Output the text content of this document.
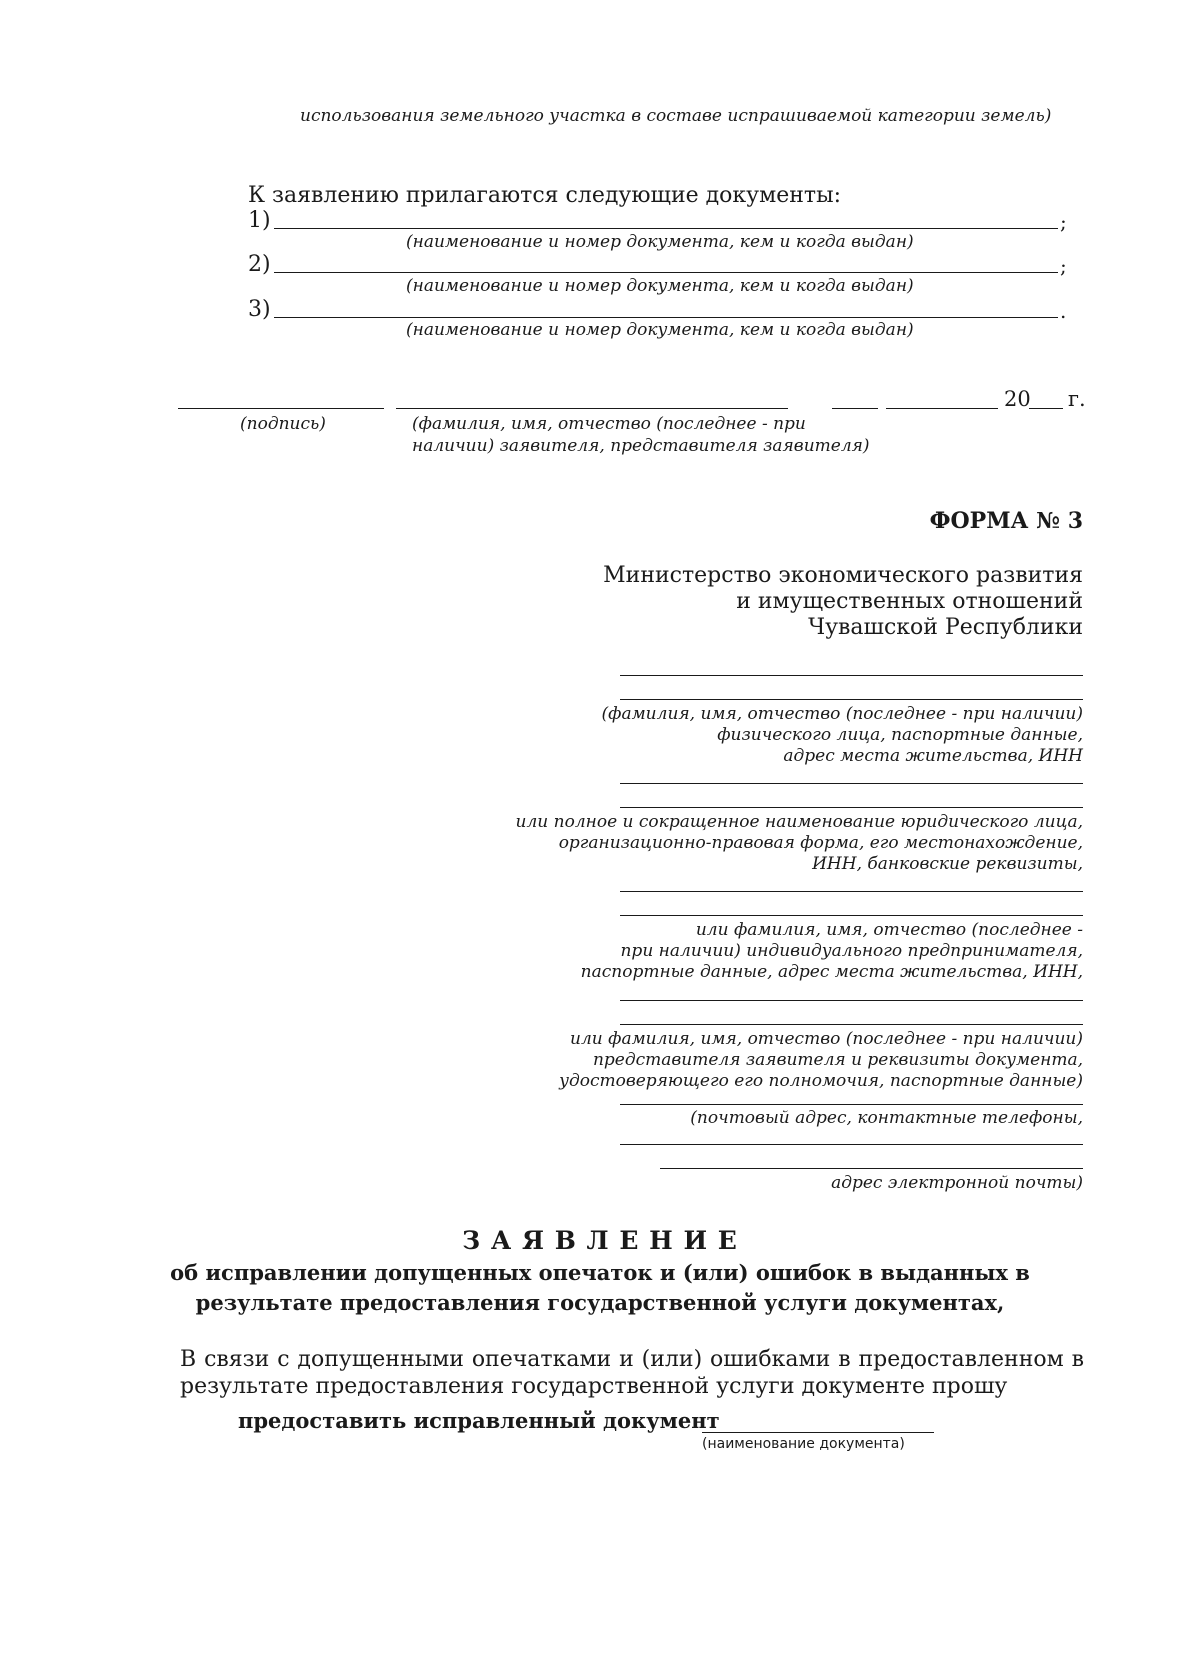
использования земельного участка в составе испрашиваемой категории земель)
К заявлению прилагаются следующие документы:
1)	;
(наименование и номер документа, кем и когда выдан)
2)	;
(наименование и номер документа, кем и когда выдан)
3)	.
(наименование и номер документа, кем и когда выдан)
20 г.
(подпись)	(фамилия, имя, отчество (последнее - при
наличии) заявителя, представителя заявителя)
ФОРМА № 3
Министерство экономического развития
и имущественных отношений
Чувашской Республики
(фамилия, имя, отчество (последнее - при наличии)
физического лица, паспортные данные,
адрес места жительства, ИНН
или полное и сокращенное наименование юридического лица,
организационно-правовая форма, его местонахождение,
ИНН, банковские реквизиты,
или фамилия, имя, отчество (последнее -
при наличии) индивидуального предпринимателя,
паспортные данные, адрес места жительства, ИНН,
или фамилия, имя, отчество (последнее - при наличии)
представителя заявителя и реквизиты документа,
удостоверяющего его полномочия, паспортные данные)
(почтовый адрес, контактные телефоны,
адрес электронной почты)
З А Я В Л Е Н И Е
об исправлении допущенных опечаток и (или) ошибок в выданных в
результате предоставления государственной услуги документах,
В связи с допущенными опечатками и (или) ошибками в предоставленном в
результате предоставления государственной услуги документе прошу
предоставить исправленный документ
(наименование документа)
